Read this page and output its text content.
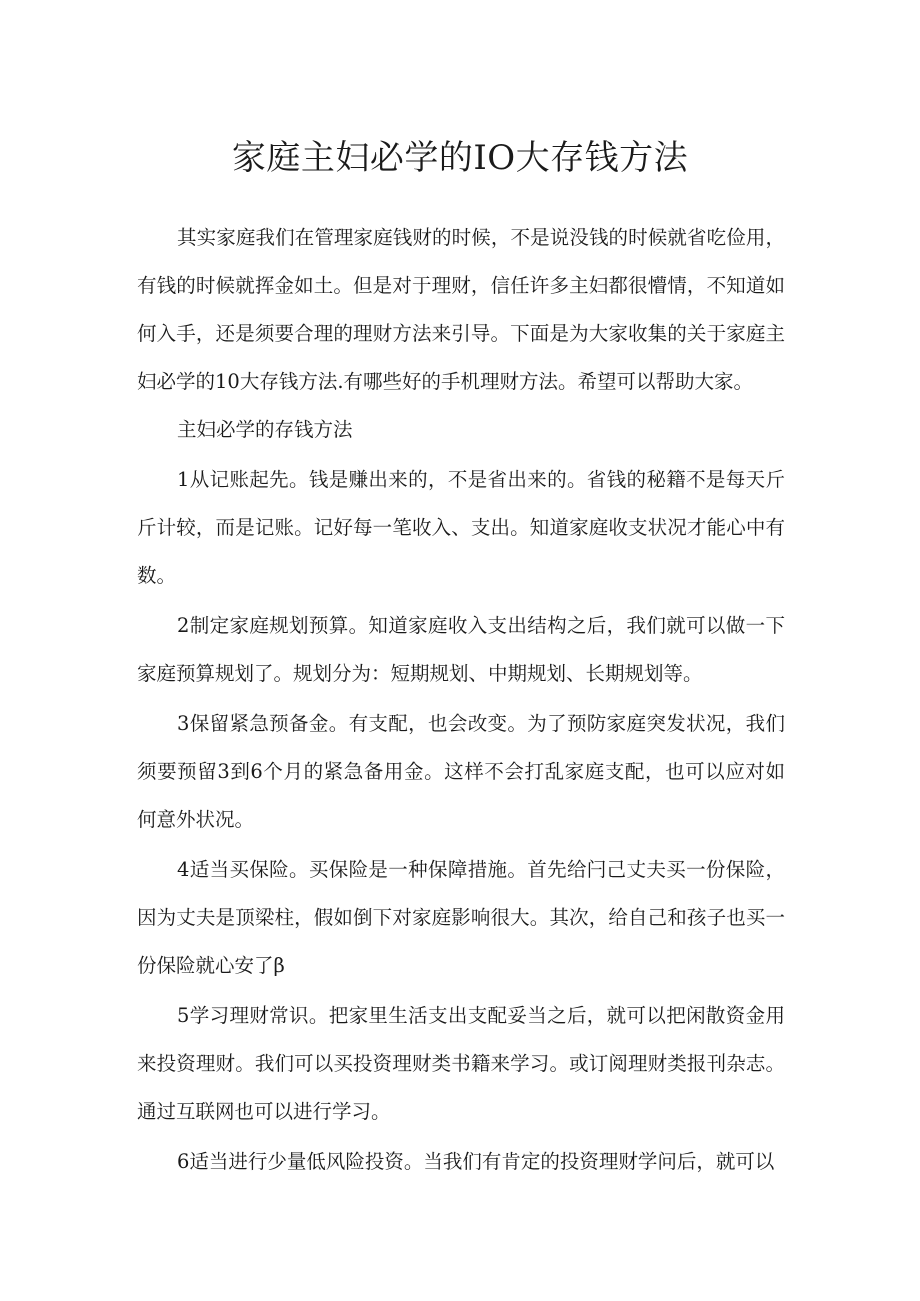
家庭主妇必学的IO大存钱方法

其实家庭我们在管理家庭钱财的时候，不是说没钱的时候就省吃俭用，有钱的时候就挥金如土。但是对于理财，信任许多主妇都很懵情，不知道如何入手，还是须要合理的理财方法来引导。下面是为大家收集的关于家庭主妇必学的10大存钱方法.有哪些好的手机理财方法。希望可以帮助大家。

主妇必学的存钱方法

1从记账起先。钱是赚出来的，不是省出来的。省钱的秘籍不是每天斤斤计较，而是记账。记好每一笔收入、支出。知道家庭收支状况才能心中有数。

2制定家庭规划预算。知道家庭收入支出结构之后，我们就可以做一下家庭预算规划了。规划分为：短期规划、中期规划、长期规划等。

3保留紧急预备金。有支配，也会改变。为了预防家庭突发状况，我们须要预留3到6个月的紧急备用金。这样不会打乱家庭支配，也可以应对如何意外状况。

4适当买保险。买保险是一种保障措施。首先给闩己丈夫买一份保险，因为丈夫是顶梁柱，假如倒下对家庭影响很大。其次，给自己和孩子也买一份保险就心安了β

5学习理财常识。把家里生活支出支配妥当之后，就可以把闲散资金用来投资理财。我们可以买投资理财类书籍来学习。或订阅理财类报刊杂志。通过互联网也可以进行学习。

6适当进行少量低风险投资。当我们有肯定的投资理财学问后，就可以
